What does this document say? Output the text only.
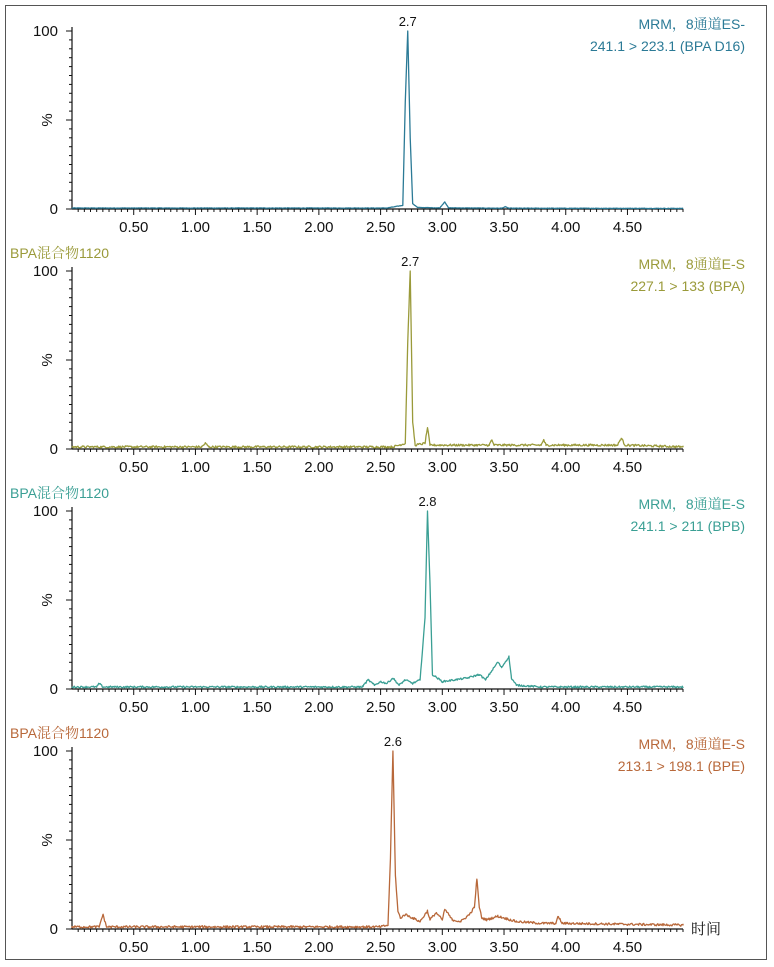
MRM，8通道ES-
241.1 > 223.1 (BPA D16)
0
100
%
0.50 1.00 1.50 2.00 2.50 3.00 3.50 4.00 4.50
2.7
BPA混合物1120
MRM，8通道E-S
227.1 > 133 (BPA)
0
100
%
0.50 1.00 1.50 2.00 2.50 3.00 3.50 4.00 4.50
2.7
BPA混合物1120
MRM，8通道E-S
241.1 > 211 (BPB)
0
100
%
0.50 1.00 1.50 2.00 2.50 3.00 3.50 4.00 4.50
2.8
BPA混合物1120
MRM，8通道E-S
213.1 > 198.1 (BPE)
0
100
%
0.50 1.00 1.50 2.00 2.50 3.00 3.50 4.00 4.50
时间
2.6
